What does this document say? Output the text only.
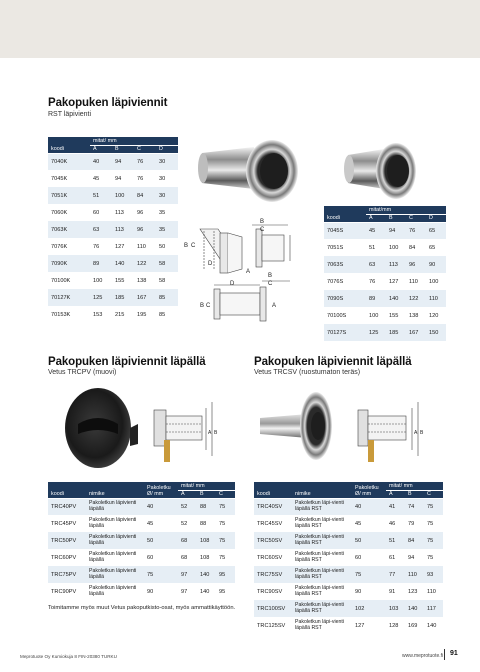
Pakopuken läpiviennit
RST läpivienti
koodi	mitat/ mm			
	A	B	C	D
7040K	40	94	76	30
7045K	45	94	76	30
7051K	51	100	84	30
7060K	60	113	96	35
7063K	63	113	96	35
7076K	76	127	110	50
7090K	89	140	122	58
70100K	100	155	138	58
70127K	125	185	167	85
70153K	153	215	195	85
B C
D
A
B
C
D
B
C
B C	A
koodi	mitat/mm			
	A	B	C	D
7045S	45	94	76	65
7051S	51	100	84	65
7063S	63	113	96	90
7076S	76	127	110	100
7090S	89	140	122	110
70100S	100	155	138	120
70127S	125	185	167	150
Pakopuken läpiviennit läpällä
Vetus TRCPV (muovi)
A B
koodi	nimike	Pakoletku Ø/ mm	mitat/ mm		
			A	B	C
TRC40PV	Pakoletkun läpivienti läpällä	40	52	88	75
TRC45PV	Pakoletkun läpivienti läpällä	45	52	88	75
TRC50PV	Pakoletkun läpivienti läpällä	50	68	108	75
TRC60PV	Pakoletkun läpivienti läpällä	60	68	108	75
TRC75PV	Pakoletkun läpivienti läpällä	75	97	140	95
TRC90PV	Pakoletkun läpivienti läpällä	90	97	140	95
Toimitamme myös muut Vetus pakoputkisto-osat, myös ammattikäyttöön.
Pakopuken läpiviennit läpällä
Vetus TRCSV (ruostumaton teräs)
A B
koodi	nimike	Pakoletku Ø/ mm	mitat/ mm		
			A	B	C
TRC40SV	Pakoletkun läpi-vienti läpällä RST	40	41	74	75
TRC45SV	Pakoletkun läpi-vienti läpällä RST	45	46	79	75
TRC50SV	Pakoletkun läpi-vienti läpällä RST	50	51	84	75
TRC60SV	Pakoletkun läpi-vienti läpällä RST	60	61	94	75
TRC75SV	Pakoletkun läpi-vienti läpällä RST	75	77	110	93
TRC90SV	Pakoletkun läpi-vienti läpällä RST	90	91	123	110
TRC100SV	Pakoletkun läpi-vienti läpällä RST	102	103	140	117
TRC125SV	Pakoletkun läpi-vienti läpällä RST	127	128	169	140
Meprotuote Oy Kumiokuja 8 FIN-20380 TURKU	www.meprotuote.fi 91
